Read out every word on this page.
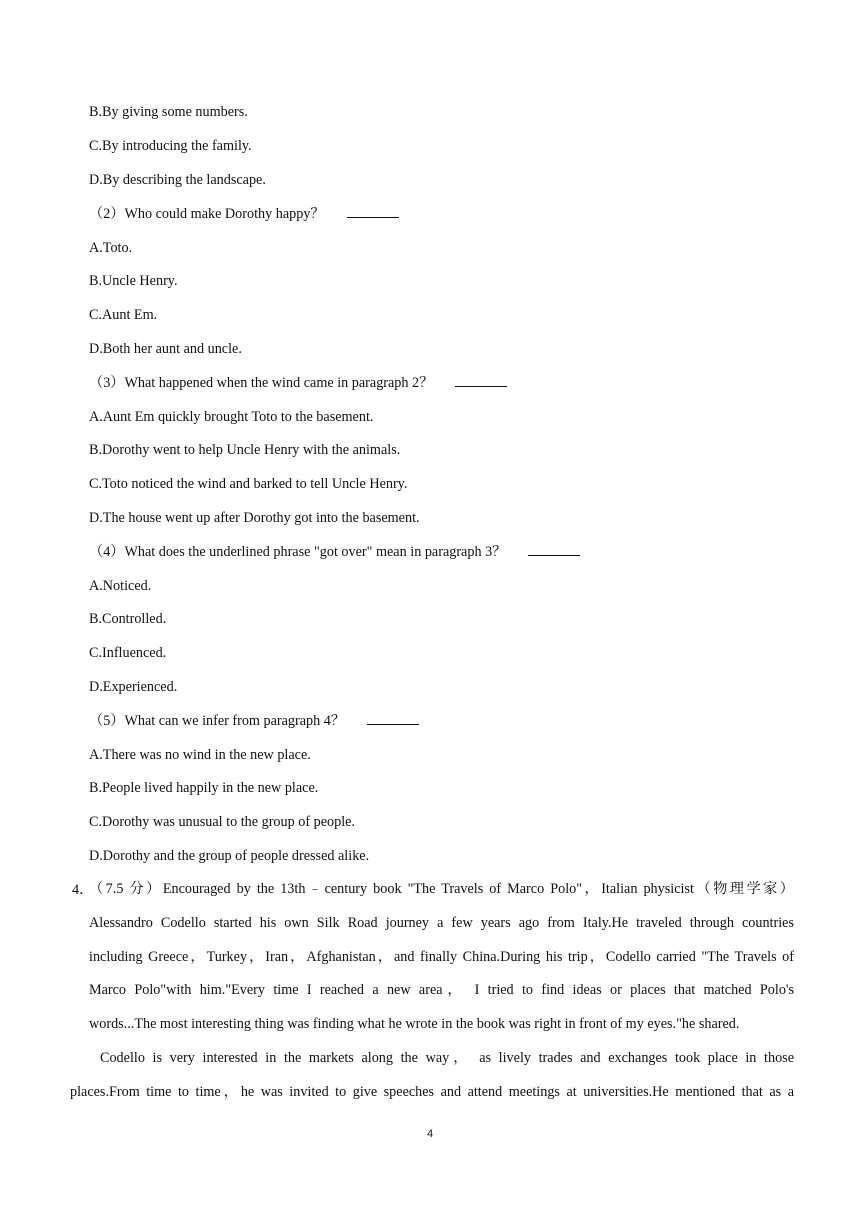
B.By giving some numbers.
C.By introducing the family.
D.By describing the landscape.
（2）Who could make Dorothy happy？
A.Toto.
B.Uncle Henry.
C.Aunt Em.
D.Both her aunt and uncle.
（3）What happened when the wind came in paragraph 2？
A.Aunt Em quickly brought Toto to the basement.
B.Dorothy went to help Uncle Henry with the animals.
C.Toto noticed the wind and barked to tell Uncle Henry.
D.The house went up after Dorothy got into the basement.
（4）What does the underlined phrase "got over" mean in paragraph 3？
A.Noticed.
B.Controlled.
C.Influenced.
D.Experienced.
（5）What can we infer from paragraph 4？
A.There was no wind in the new place.
B.People lived happily in the new place.
C.Dorothy was unusual to the group of people.
D.Dorothy and the group of people dressed alike.
4．
（7.5 分）Encouraged by the 13th﹣century book "The Travels of Marco Polo"，Italian physicist（物理学家）
Alessandro Codello started his own Silk Road journey a few years ago from Italy.He traveled through countries
including Greece，Turkey，Iran，Afghanistan，and finally China.During his trip，Codello carried "The Travels of
Marco Polo"with him."Every time I reached a new area， I tried to find ideas or places that matched Polo's
words...The most interesting thing was finding what he wrote in the book was right in front of my eyes."he shared.
Codello is very interested in the markets along the way， as lively trades and exchanges took place in those
places.From time to time，he was invited to give speeches and attend meetings at universities.He mentioned that as a
4
